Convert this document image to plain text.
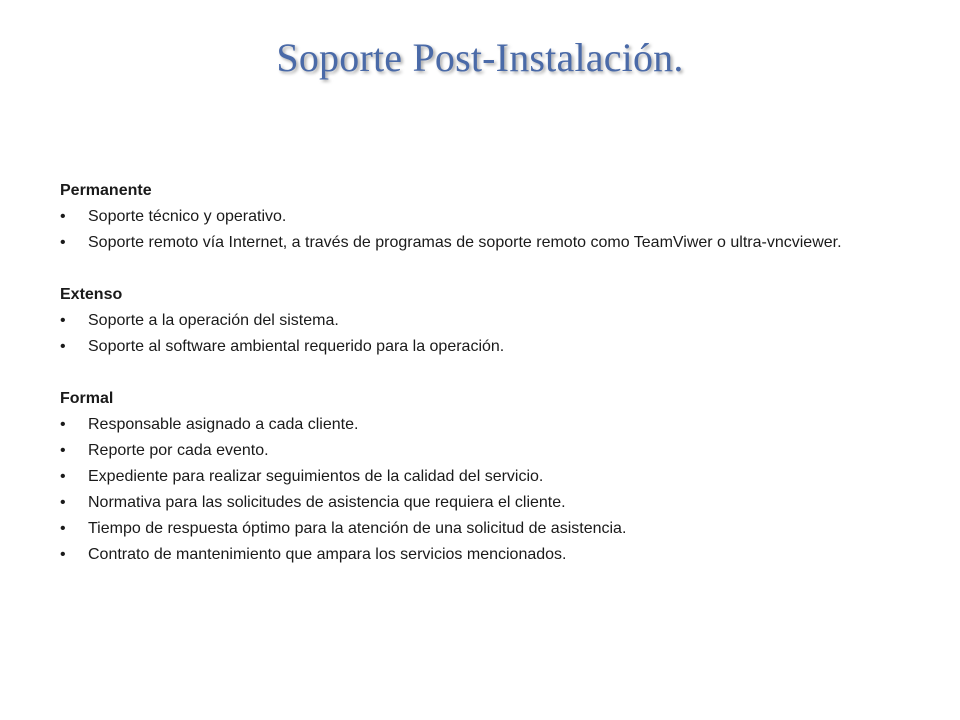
Soporte Post-Instalación.

Permanente

• Soporte técnico y operativo.
• Soporte remoto vía Internet, a través de programas de soporte remoto como TeamViwer o ultra-vncviewer.

Extenso

• Soporte a la operación del sistema.
• Soporte al software ambiental requerido para la operación.

Formal

• Responsable asignado a cada cliente.
• Reporte por cada evento.
• Expediente para realizar seguimientos de la calidad del servicio.
• Normativa para las solicitudes de asistencia que requiera el cliente.
• Tiempo de respuesta óptimo para la atención de una solicitud de asistencia.
• Contrato de mantenimiento que ampara los servicios mencionados.
